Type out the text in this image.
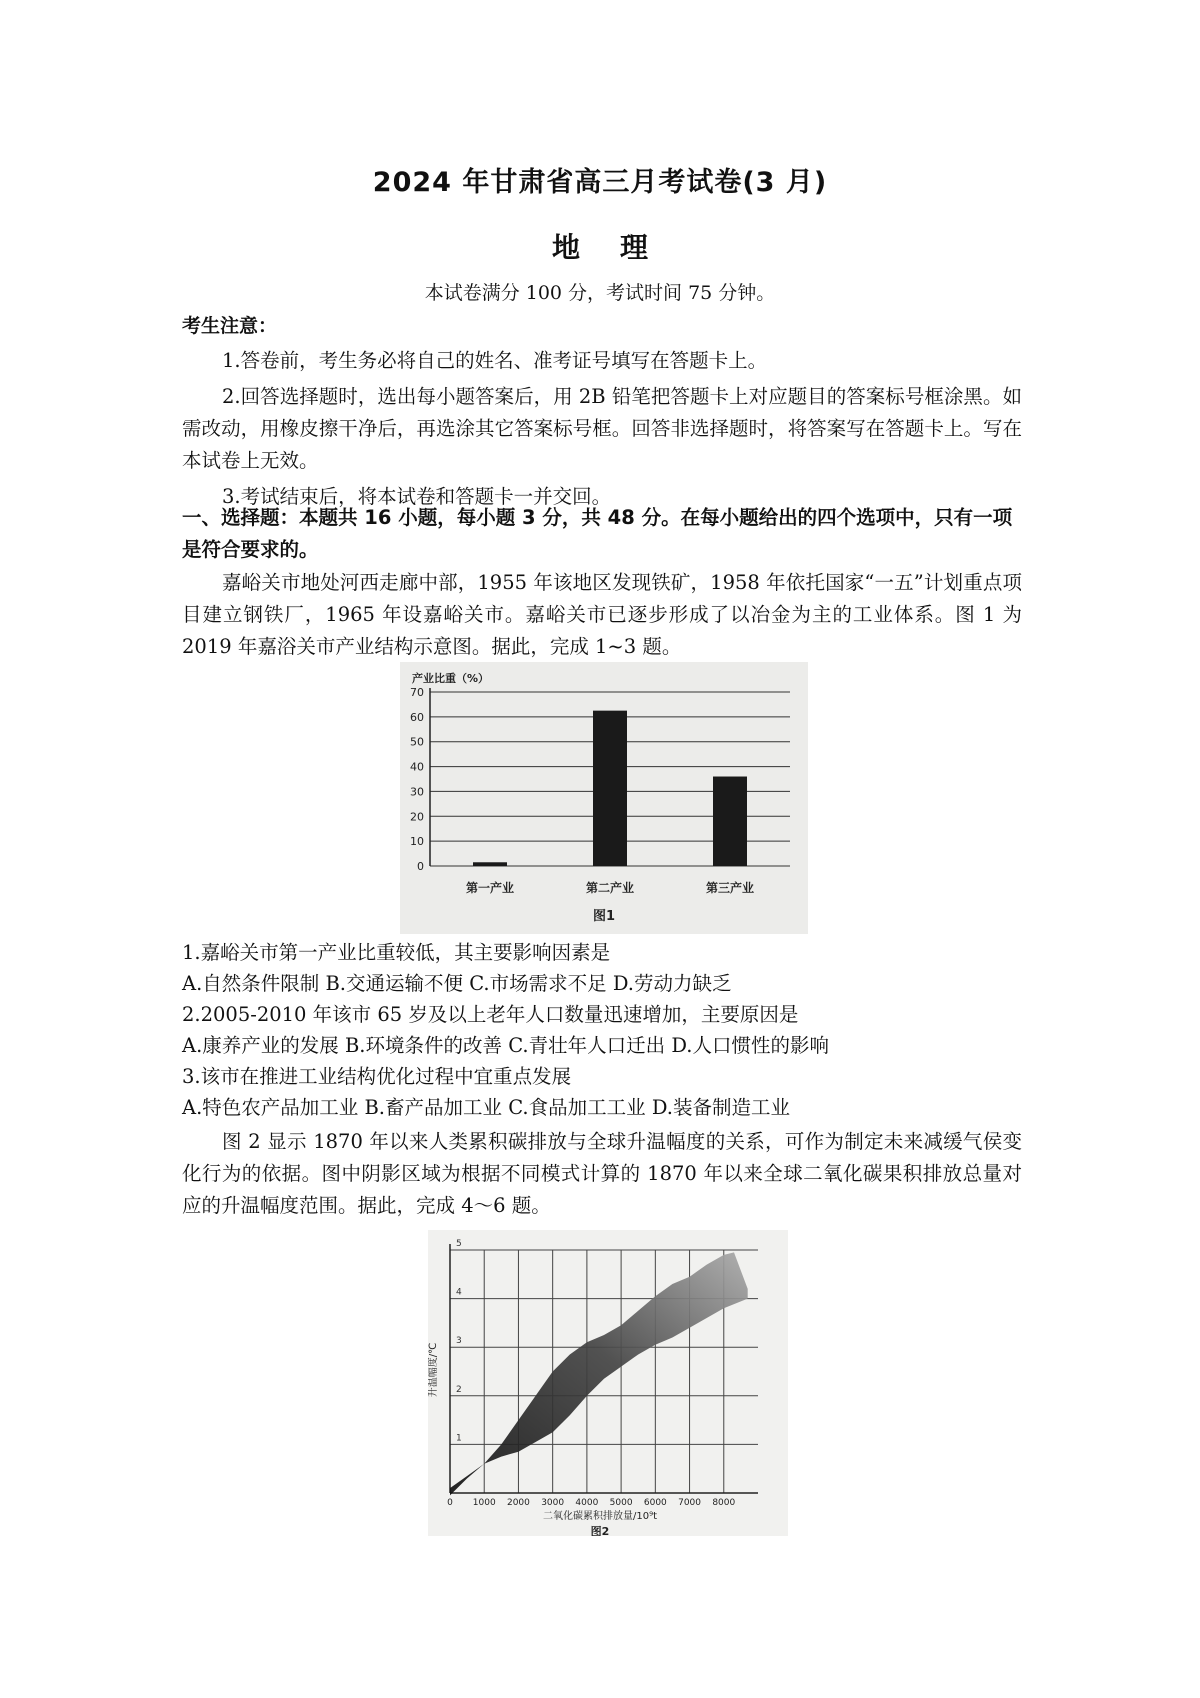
2024 年甘肃省高三月考试卷(3 月)
地理
本试卷满分 100 分，考试时间 75 分钟。
考生注意：

1.答卷前，考生务必将自己的姓名、准考证号填写在答题卡上。

2.回答选择题时，选出每小题答案后，用 2B 铅笔把答题卡上对应题目的答案标号框涂黑。如需改动，用橡皮擦干净后，再选涂其它答案标号框。回答非选择题时，将答案写在答题卡上。写在本试卷上无效。

3.考试结束后，将本试卷和答题卡一并交回。

一、选择题：本题共 16 小题，每小题 3 分，共 48 分。在每小题给出的四个选项中，只有一项是符合要求的。

嘉峪关市地处河西走廊中部，1955 年该地区发现铁矿，1958 年依托国家“一五”计划重点项目建立钢铁厂，1965 年设嘉峪关市。嘉峪关市已逐步形成了以冶金为主的工业体系。图 1 为 2019 年嘉浴关市产业结构示意图。据此，完成 1~3 题。

产业比重（%）
0
10
20
30
40
50
60
70
第一产业	第二产业	第三产业
图1

1.嘉峪关市第一产业比重较低，其主要影响因素是

A.自然条件限制 B.交通运输不便 C.市场需求不足 D.劳动力缺乏

2.2005-2010 年该市 65 岁及以上老年人口数量迅速增加，主要原因是

A.康养产业的发展 B.环境条件的改善 C.青壮年人口迁出 D.人口惯性的影响

3.该市在推进工业结构优化过程中宜重点发展

A.特色农产品加工业 B.畜产品加工业 C.食品加工工业 D.装备制造工业

图 2 显示 1870 年以来人类累积碳排放与全球升温幅度的关系，可作为制定未来减缓气侯变化行为的依据。图中阴影区域为根据不同模式计算的 1870 年以来全球二氧化碳果积排放总量对应的升温幅度范围。据此，完成 4～6 题。

1
2
3
4
5
0 1000 2000 3000 4000 5000 6000 7000 8000
升温幅度/℃
二氧化碳累积排放量/10⁹t
图2
